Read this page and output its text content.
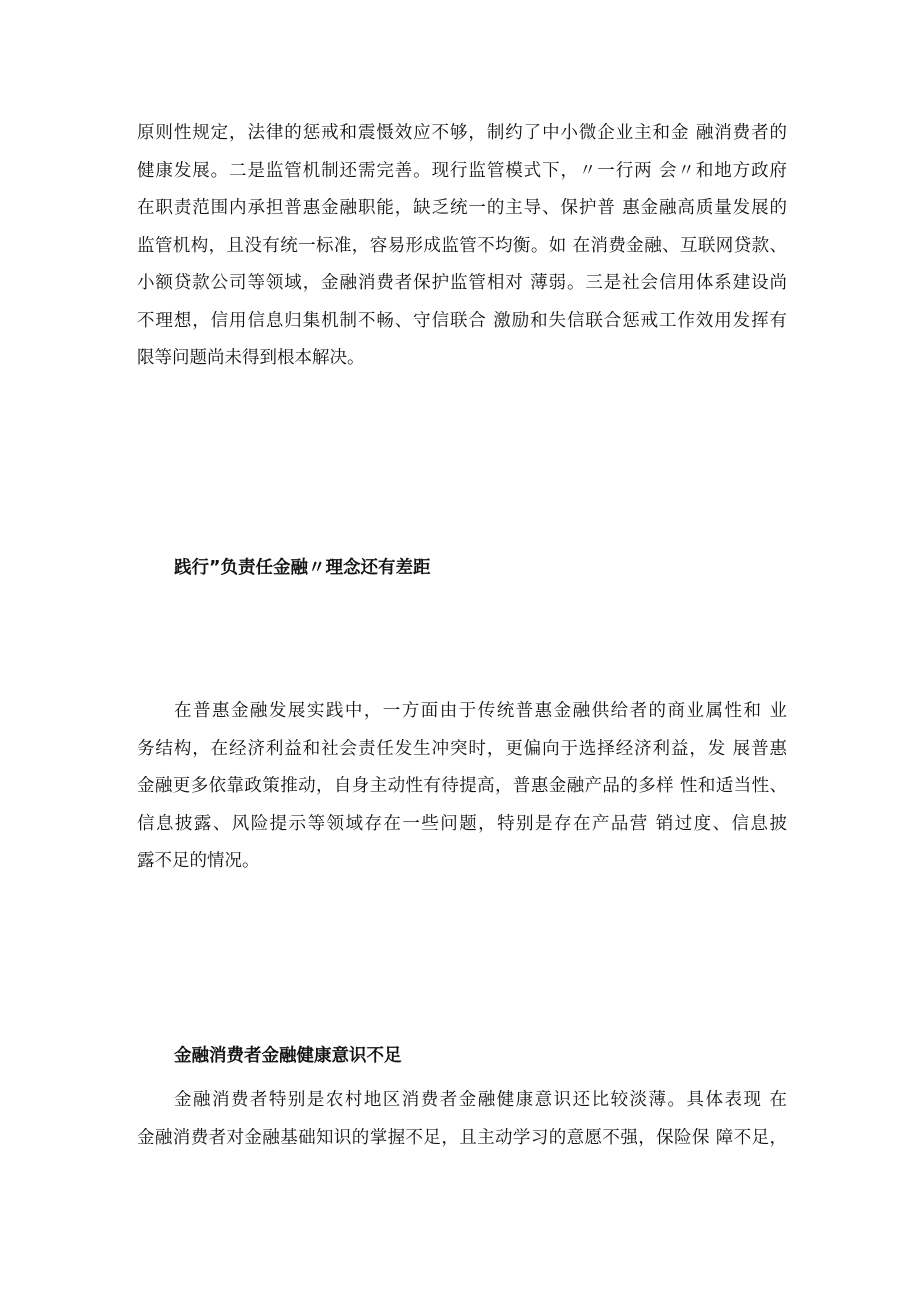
原则性规定，法律的惩戒和震慑效应不够，制约了中小微企业主和金 融消费者的
健康发展。二是监管机制还需完善。现行监管模式下，〃一行两 会〃和地方政府
在职责范围内承担普惠金融职能，缺乏统一的主导、保护普 惠金融高质量发展的
监管机构，且没有统一标准，容易形成监管不均衡。如 在消费金融、互联网贷款、
小额贷款公司等领域，金融消费者保护监管相对 薄弱。三是社会信用体系建设尚
不理想，信用信息归集机制不畅、守信联合 激励和失信联合惩戒工作效用发挥有
限等问题尚未得到根本解决。
践行”负责任金融〃理念还有差距
在普惠金融发展实践中，一方面由于传统普惠金融供给者的商业属性和 业
务结构，在经济利益和社会责任发生冲突时，更偏向于选择经济利益，发 展普惠
金融更多依靠政策推动，自身主动性有待提高，普惠金融产品的多样 性和适当性、
信息披露、风险提示等领域存在一些问题，特别是存在产品营 销过度、信息披
露不足的情况。
金融消费者金融健康意识不足
金融消费者特别是农村地区消费者金融健康意识还比较淡薄。具体表现 在
金融消费者对金融基础知识的掌握不足，且主动学习的意愿不强，保险保 障不足，
